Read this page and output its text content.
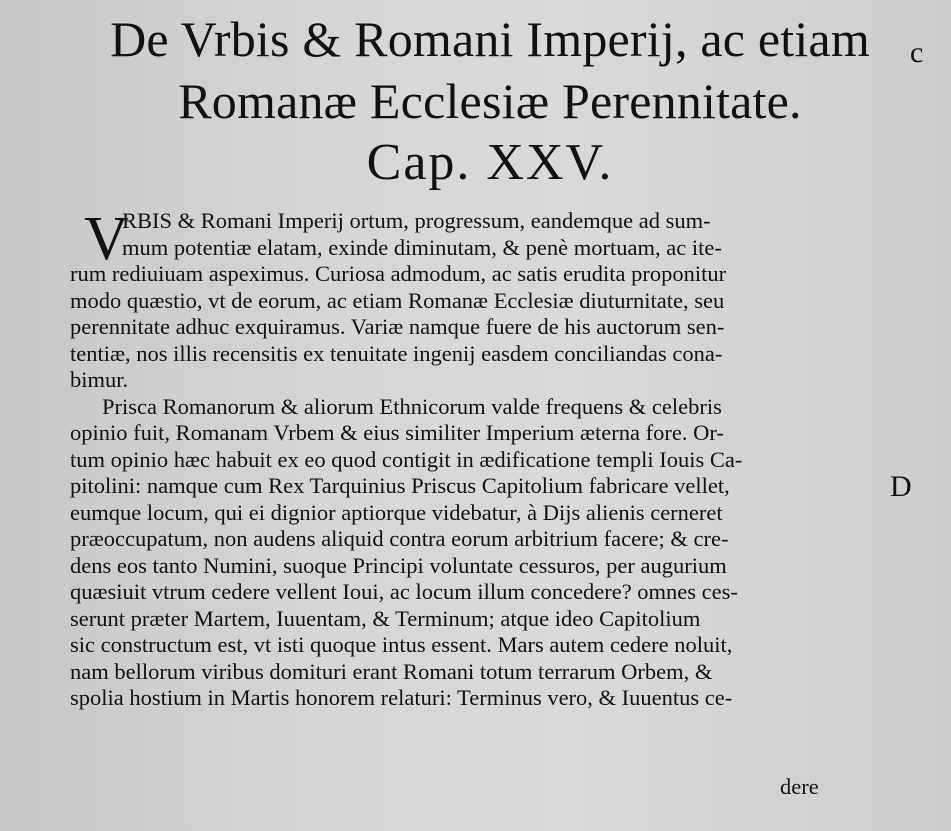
De Vrbis & Romani Imperij, ac etiam
Romanæ Ecclesiæ Perennitate.
Cap. XXV.
c
D
V
RBIS & Romani Imperij ortum, progressum, eandemque ad sum-
mum potentiæ elatam, exinde diminutam, & penè mortuam, ac ite-
rum rediuiuam aspeximus. Curiosa admodum, ac satis erudita proponitur
modo quæstio, vt de eorum, ac etiam Romanæ Ecclesiæ diuturnitate, seu
perennitate adhuc exquiramus. Variæ namque fuere de his auctorum sen-
tentiæ, nos illis recensitis ex tenuitate ingenij easdem conciliandas cona-
bimur.
Prisca Romanorum & aliorum Ethnicorum valde frequens & celebris
opinio fuit, Romanam Vrbem & eius similiter Imperium æterna fore. Or-
tum opinio hæc habuit ex eo quod contigit in ædificatione templi Iouis Ca-
pitolini: namque cum Rex Tarquinius Priscus Capitolium fabricare vellet,
eumque locum, qui ei dignior aptiorque videbatur, à Dijs alienis cerneret
præoccupatum, non audens aliquid contra eorum arbitrium facere; & cre-
dens eos tanto Numini, suoque Principi voluntate cessuros, per augurium
quæsiuit vtrum cedere vellent Ioui, ac locum illum concedere? omnes ces-
serunt præter Martem, Iuuentam, & Terminum; atque ideo Capitolium
sic constructum est, vt isti quoque intus essent. Mars autem cedere noluit,
nam bellorum viribus domituri erant Romani totum terrarum Orbem, &
spolia hostium in Martis honorem relaturi: Terminus vero, & Iuuentus ce-
dere
